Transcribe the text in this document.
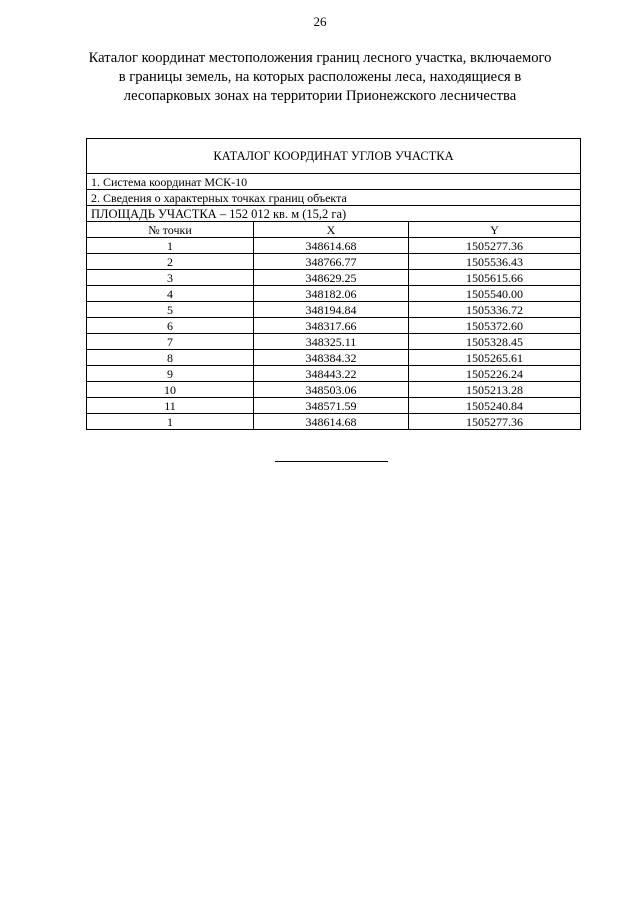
26
Каталог координат местоположения границ лесного участка, включаемого
в границы земель, на которых расположены леса, находящиеся в
лесопарковых зонах на территории Прионежского лесничества
КАТАЛОГ КООРДИНАТ УГЛОВ УЧАСТКА		
1. Система координат МСК-10		
2. Сведения о характерных точках границ объекта		
ПЛОЩАДЬ УЧАСТКА – 152 012 кв. м (15,2 га)		
№ точки	X	Y
1	348614.68	1505277.36
2	348766.77	1505536.43
3	348629.25	1505615.66
4	348182.06	1505540.00
5	348194.84	1505336.72
6	348317.66	1505372.60
7	348325.11	1505328.45
8	348384.32	1505265.61
9	348443.22	1505226.24
10	348503.06	1505213.28
11	348571.59	1505240.84
1	348614.68	1505277.36
